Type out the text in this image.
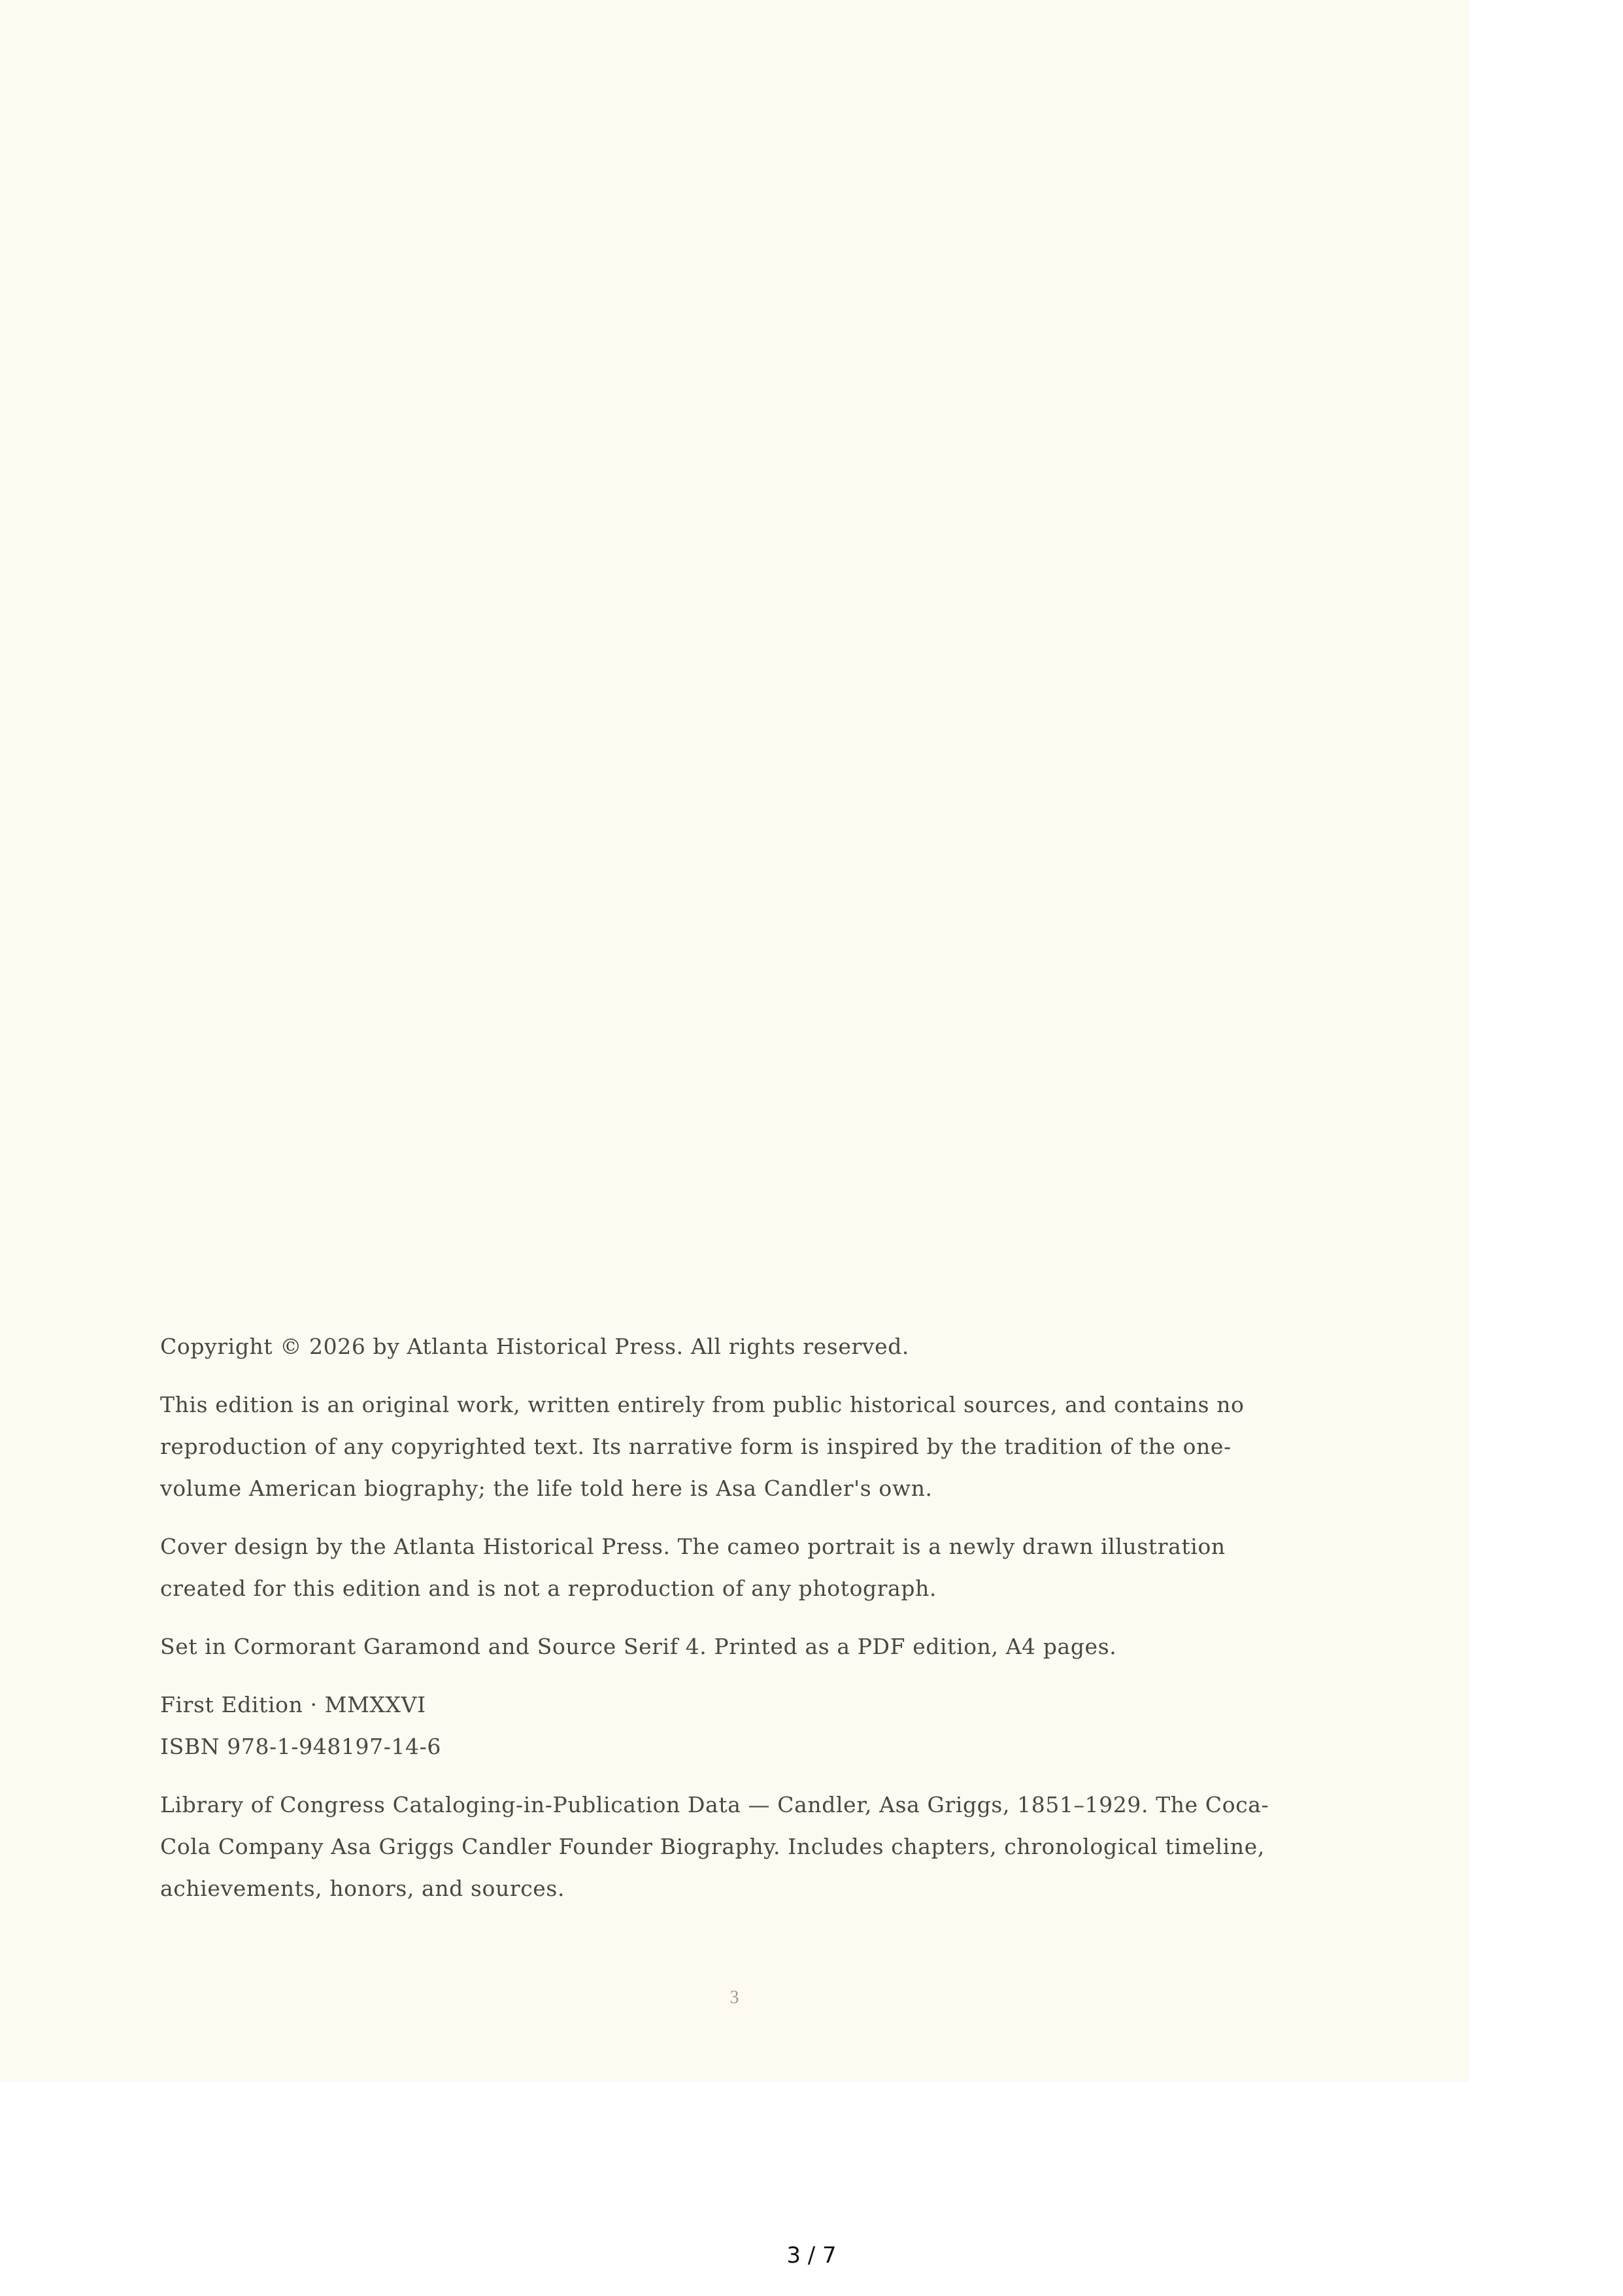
Copyright © 2026 by Atlanta Historical Press. All rights reserved.

This edition is an original work, written entirely from public historical sources, and contains no reproduction of any copyrighted text. Its narrative form is inspired by the tradition of the one-volume American biography; the life told here is Asa Candler's own.

Cover design by the Atlanta Historical Press. The cameo portrait is a newly drawn illustration created for this edition and is not a reproduction of any photograph.

Set in Cormorant Garamond and Source Serif 4. Printed as a PDF edition, A4 pages.

First Edition · MMXXVI
ISBN 978-1-948197-14-6

Library of Congress Cataloging-in-Publication Data — Candler, Asa Griggs, 1851–1929. The Coca-Cola Company Asa Griggs Candler Founder Biography. Includes chapters, chronological timeline, achievements, honors, and sources.

3
3 / 7
